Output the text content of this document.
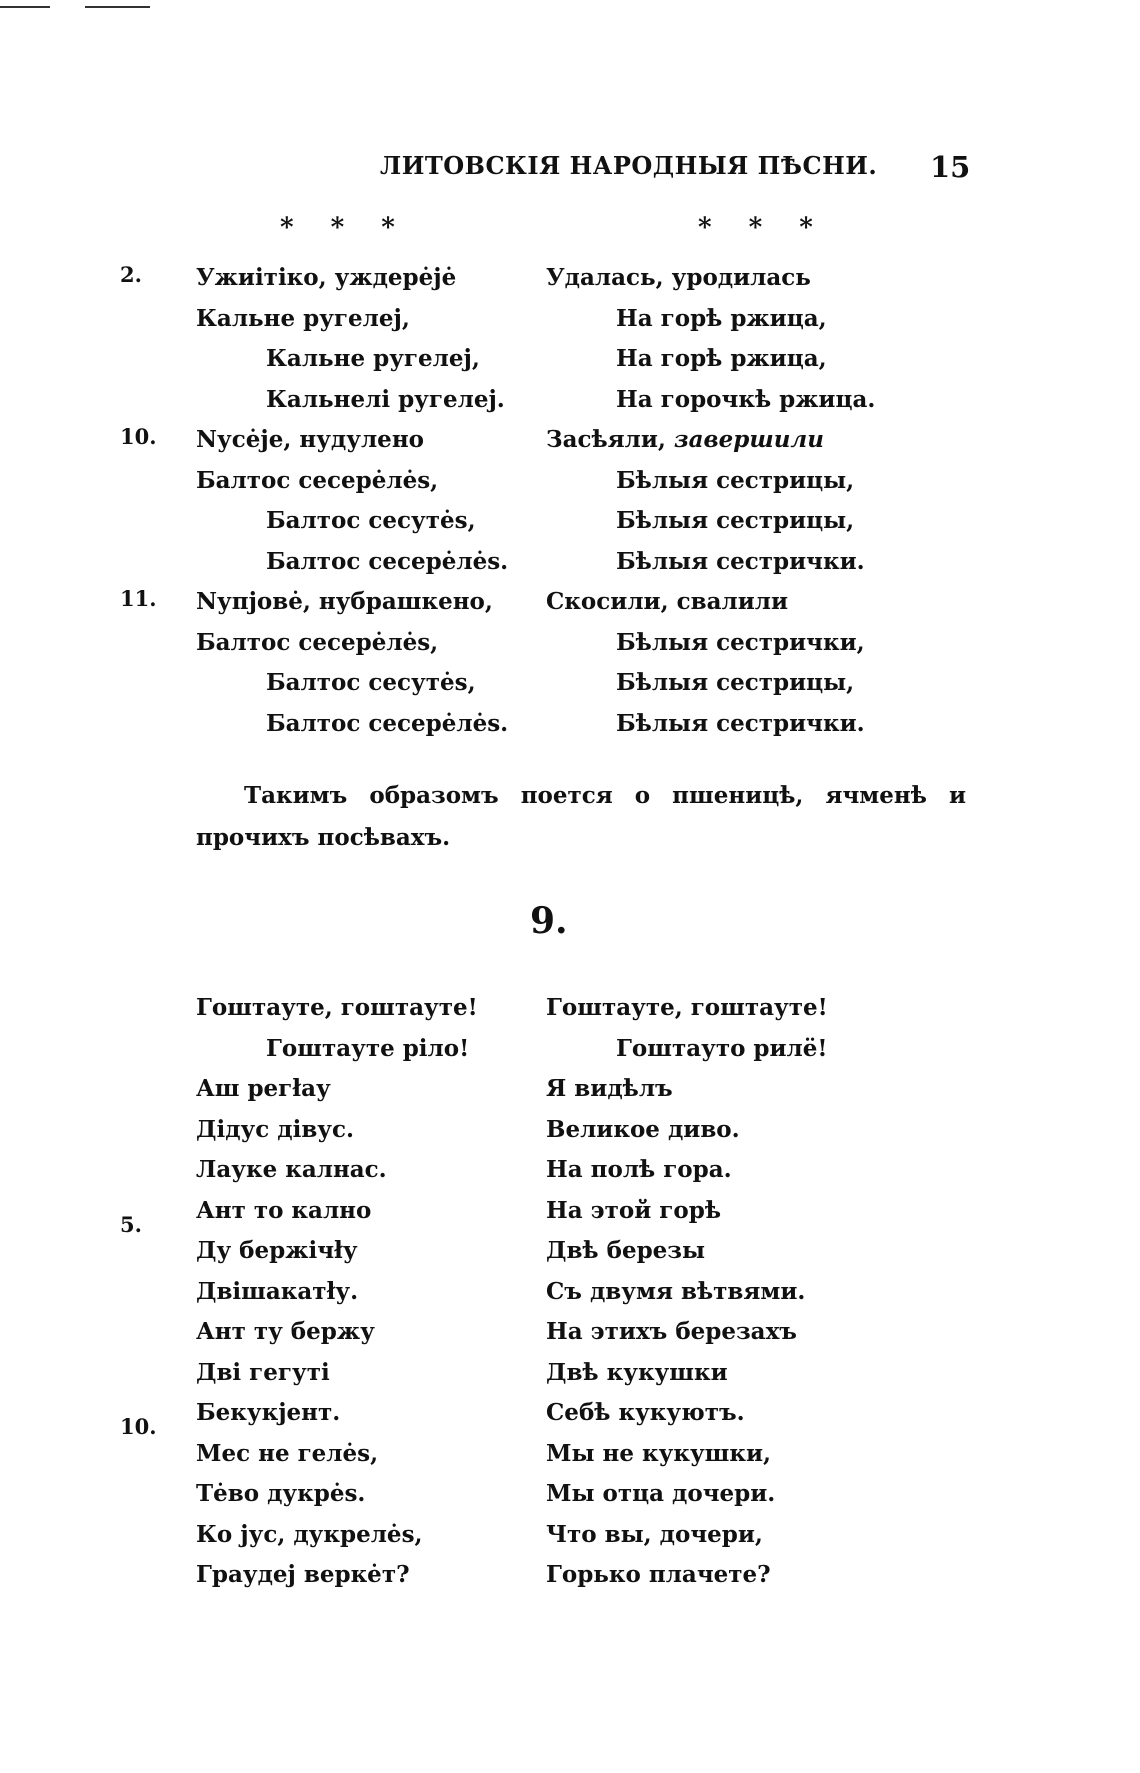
ЛИТОВСКІЯ НАРОДНЫЯ ПѢСНИ. 15
* * *	* * *
2.
10.
11.
Ужиітіко, уждерėjė
Кaльне ругелеj,
Кaльне ругелеj,
Кaльнелі ругелеj.
Nусėjе, нудулено
Балтос сесерėлės,
Балтос сесутės,
Балтос сесерėлės.
Nупjовė, нубрашкено,
Балтос сесерėлės,
Балтос сесутės,
Балтос сесерėлės.
Удалась, уродилась
На горѣ ржица,
На горѣ ржица,
На горочкѣ ржица.
Засѣяли, завершили
Бѣлыя сестрицы,
Бѣлыя сестрицы,
Бѣлыя сестрички.
Скосили, свалили
Бѣлыя сестрички,
Бѣлыя сестрицы,
Бѣлыя сестрички.

Такимъ образомъ поется о пшеницѣ, ячменѣ и прочихъ посѣвахъ.

9.
5.
10.
Гоштауте, гоштауте!
Гоштауте ріло!
Аш регłау
Дідус дівус.
Лауке калнас.
Ант то кално
Ду бержічłу
Двішакатłу.
Ант ту беpжу
Дві гегуті
Бекукjент.
Мес не гелės,
Тėво дукрės.
Ко jус, дукрелės,
Граудеj веркėт?
Гоштауте, гоштауте!
Гоштауто рилё!
Я видѣлъ
Великое диво.
На полѣ гора.
На этой горѣ
Двѣ березы
Съ двумя вѣтвями.
На этихъ березахъ
Двѣ кукушки
Себѣ кукуютъ.
Мы не кукушки,
Мы отца дочери.
Что вы, дочери,
Горько плачете?
